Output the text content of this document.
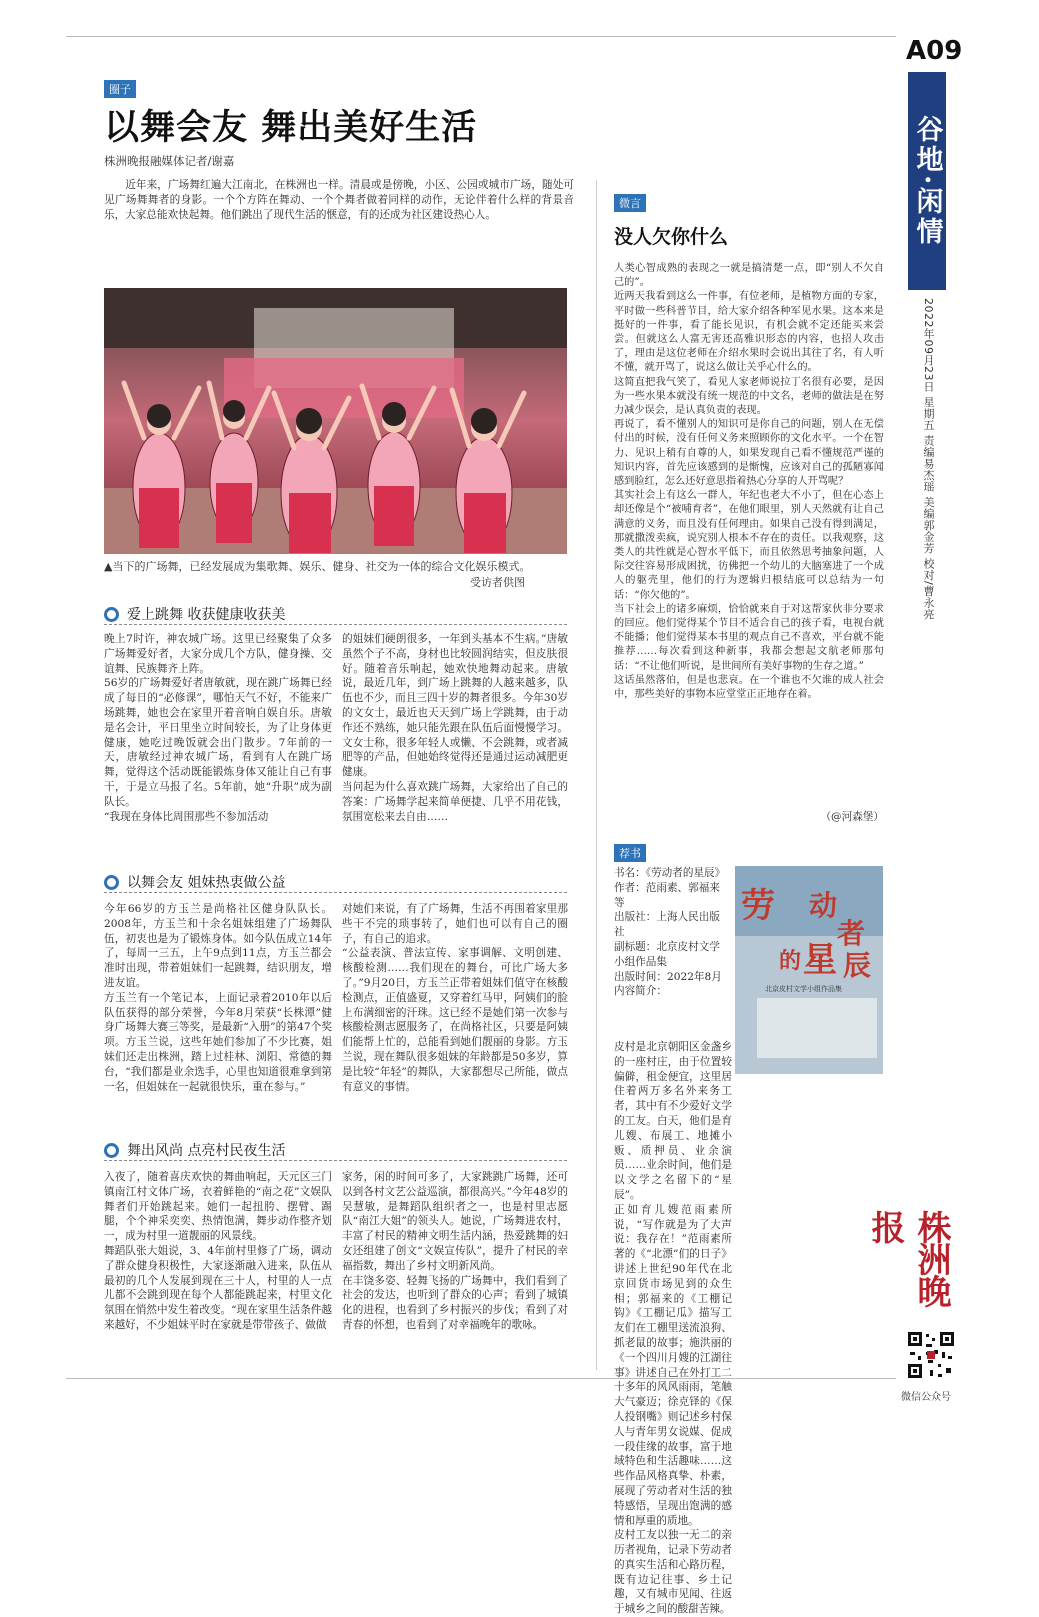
A09
谷地·闲情
2022年09月23日 星期五 责编易杰瑶 美编郭金芳 校对/曹永亮
圈子
以舞会友 舞出美好生活
株洲晚报融媒体记者/谢嘉
近年来，广场舞红遍大江南北，在株洲也一样。清晨或是傍晚，小区、公园或城市广场，随处可见广场舞舞者的身影。一个个方阵在舞动、一个个舞者做着同样的动作，无论伴着什么样的背景音乐，大家总能欢快起舞。他们跳出了现代生活的惬意，有的还成为社区建设热心人。
▲当下的广场舞，已经发展成为集歌舞、娱乐、健身、社交为一体的综合文化娱乐模式。
受访者供图
爱上跳舞 收获健康收获美
晚上7时许，神农城广场。这里已经聚集了众多广场舞爱好者，大家分成几个方队，健身操、交谊舞、民族舞齐上阵。
56岁的广场舞爱好者唐敏就，现在跳广场舞已经成了每日的“必修课”，哪怕天气不好，不能来广场跳舞，她也会在家里开着音响自娱自乐。唐敏是名会计，平日里坐立时间较长，为了让身体更健康，她吃过晚饭就会出门散步。7年前的一天，唐敏经过神农城广场，看到有人在跳广场舞，觉得这个活动既能锻炼身体又能让自己有事干，于是立马报了名。5年前，她“升职”成为副队长。
“我现在身体比周围那些不参加活动
的姐妹们硬朗很多，一年到头基本不生病。”唐敏虽然个子不高，身材也比较圆润结实，但皮肤很好。随着音乐响起，她欢快地舞动起来。唐敏说，最近几年，到广场上跳舞的人越来越多，队伍也不少，而且三四十岁的舞者很多。今年30岁的文女士，最近也天天到广场上学跳舞，由于动作还不熟练，她只能先跟在队伍后面慢慢学习。文女士称，很多年轻人或懒、不会跳舞，或者减肥等的产品，但她始终觉得还是通过运动减肥更健康。
当问起为什么喜欢跳广场舞，大家给出了自己的答案：广场舞学起来简单便捷、几乎不用花钱，氛围宽松来去自由……
以舞会友 姐妹热衷做公益
今年66岁的方玉兰是尚格社区健身队队长。2008年，方玉兰和十余名姐妹组建了广场舞队伍，初衷也是为了锻炼身体。如今队伍成立14年了，每周一三五，上午9点到11点，方玉兰都会准时出现，带着姐妹们一起跳舞，结识朋友，增进友谊。
方玉兰有一个笔记本，上面记录着2010年以后队伍获得的部分荣誉，今年8月荣获“长株潭”健身广场舞大赛三等奖，是最新“入册”的第47个奖项。方玉兰说，这些年她们参加了不少比赛，姐妹们还走出株洲，踏上过桂林、浏阳、常德的舞台，“我们都是业余选手，心里也知道很难拿到第一名，但姐妹在一起就很快乐，重在参与。”
对她们来说，有了广场舞，生活不再围着家里那些干不完的琐事转了，她们也可以有自己的圈子，有自己的追求。
“公益表演、普法宣传、家事调解、文明创建、核酸检测……我们现在的舞台，可比广场大多了。”9月20日，方玉兰正带着姐妹们值守在核酸检测点，正值盛夏，又穿着红马甲，阿姨们的脸上布满细密的汗珠。这已经不是她们第一次参与核酸检测志愿服务了，在尚格社区，只要是阿姨们能帮上忙的，总能看到她们靓丽的身影。方玉兰说，现在舞队很多姐妹的年龄都是50多岁，算是比较“年轻”的舞队，大家都想尽己所能，做点有意义的事情。
舞出风尚 点亮村民夜生活
入夜了，随着喜庆欢快的舞曲响起，天元区三门镇南江村文体广场，衣着鲜艳的“南之花”文娱队舞者们开始跳起来。她们一起扭胯、摆臂、踢腿，个个神采奕奕、热情饱满，舞步动作整齐划一，成为村里一道靓丽的风景线。
舞蹈队张大姐说，3、4年前村里修了广场，调动了群众健身积极性，大家逐渐融入进来，队伍从最初的几个人发展到现在三十人，村里的人一点儿都不会跳到现在每个人都能跳起来，村里文化氛围在悄然中发生着改变。“现在家里生活条件越来越好，不少姐妹平时在家就是带带孩子、做做
家务，闲的时间可多了，大家跳跳广场舞，还可以到各村文艺公益巡演，都很高兴。”今年48岁的吴慧敏，是舞蹈队组织者之一，也是村里志愿队“南江大姐”的领头人。她说，广场舞进农村，丰富了村民的精神文明生活内涵，热爱跳舞的妇女还组建了创文“文娱宣传队”，提升了村民的幸福指数，舞出了乡村文明新风尚。
在丰饶多姿、轻舞飞扬的广场舞中，我们看到了社会的发达，也听到了群众的心声；看到了城镇化的进程，也看到了乡村振兴的步伐；看到了对青春的怀想，也看到了对幸福晚年的歌咏。
微言
没人欠你什么
人类心智成熟的表现之一就是搞清楚一点，即“别人不欠自己的”。
近两天我看到这么一件事，有位老师，是植物方面的专家，平时做一些科普节目，给大家介绍各种军见水果。这本来是挺好的一件事，看了能长见识，有机会就不定还能买来尝尝。但就这么人富无害还高雅识形态的内容，也招人攻击了，理由是这位老师在介绍水果时会说出其往了名，有人听不懂，就开骂了，说这么做让关乎心什么的。
这简直把我气笑了，看见人家老师说拉丁名很有必要，是因为一些水果本就没有统一规范的中文名，老师的做法是在努力减少误会，是认真负责的表现。
再说了，看不懂别人的知识可是你自己的问题，别人在无偿付出的时候，没有任何义务来照顾你的文化水平。一个在智力、见识上稍有自尊的人，如果发现自己看不懂规范严谨的知识内容，首先应该感到的是惭愧，应该对自己的孤陋寡闻感到脸红，怎么还好意思指着热心分享的人开骂呢？
其实社会上有这么一群人，年纪也老大不小了，但在心态上却还像是个“被哺育者”，在他们眼里，别人天然就有让自己满意的义务，而且没有任何理由。如果自己没有得到满足，那就撒泼卖疯，说究别人根本不存在的责任。以我观察，这类人的共性就是心智水平低下，而且依然思考抽象问题，人际交往容易形成困扰，彷佛把一个幼儿的大脑塞进了一个成人的躯壳里，他们的行为逻辑归根结底可以总结为一句话：“你欠他的”。
当下社会上的诸多麻烦，恰恰就来自于对这帮家伙非分要求的回应。他们觉得某个节目不适合自己的孩子看，电视台就不能播；他们觉得某本书里的观点自己不喜欢，平台就不能推荐……每次看到这种新事，我都会想起文航老师那句话：“不让他们听说，是世间所有美好事物的生存之道。”
这话虽然落伯，但是也悲哀。在一个谁也不欠谁的成人社会中，那些美好的事物本应堂堂正正地存在着。
（@河森堡）
荐书
书名：《劳动者的星辰》
作者：范雨素、郭福来 等
出版社：上海人民出版社
副标题：北京皮村文学小组作品集
出版时间：2022年8月
内容简介：
劳 动
者
的 星 辰
北京皮村文学小组作品集
皮村是北京朝阳区金盏乡的一座村庄，由于位置较偏僻，租金便宜，这里居住着两万多名外来务工者，其中有不少爱好文学的工友。白天，他们是育儿嫂、布展工、地摊小贩、质押员、业余演员……业余时间，他们是以文学之名留下的“星辰”。
正如育儿嫂范雨素所说，“写作就是为了大声说：我存在！”范雨素所著的《“北漂”们的日子》讲述上世纪90年代在北京回货市场见到的众生相；郭福来的《工棚记钩》《工棚记瓜》描写工友们在工棚里送流浪狗、抓老鼠的故事；施洪丽的《一个四川月嫂的江湖往事》讲述自己在外打工二十多年的风风雨雨，笔触大气豪迈；徐克铎的《保人投钢嘴》则记述乡村保人与青年男女说媒、促成一段佳缘的故事，富于地域特色和生活趣味……这些作品风格真挚、朴素，展现了劳动者对生活的独特感悟，呈现出饱满的感情和厚重的质地。
皮村工友以独一无二的亲历者视角，记录下劳动者的真实生活和心路历程，既有边记往事、乡土记趣，又有城市见闻、往返于城乡之间的酸甜苦辣。
株洲晚报
微信公众号
